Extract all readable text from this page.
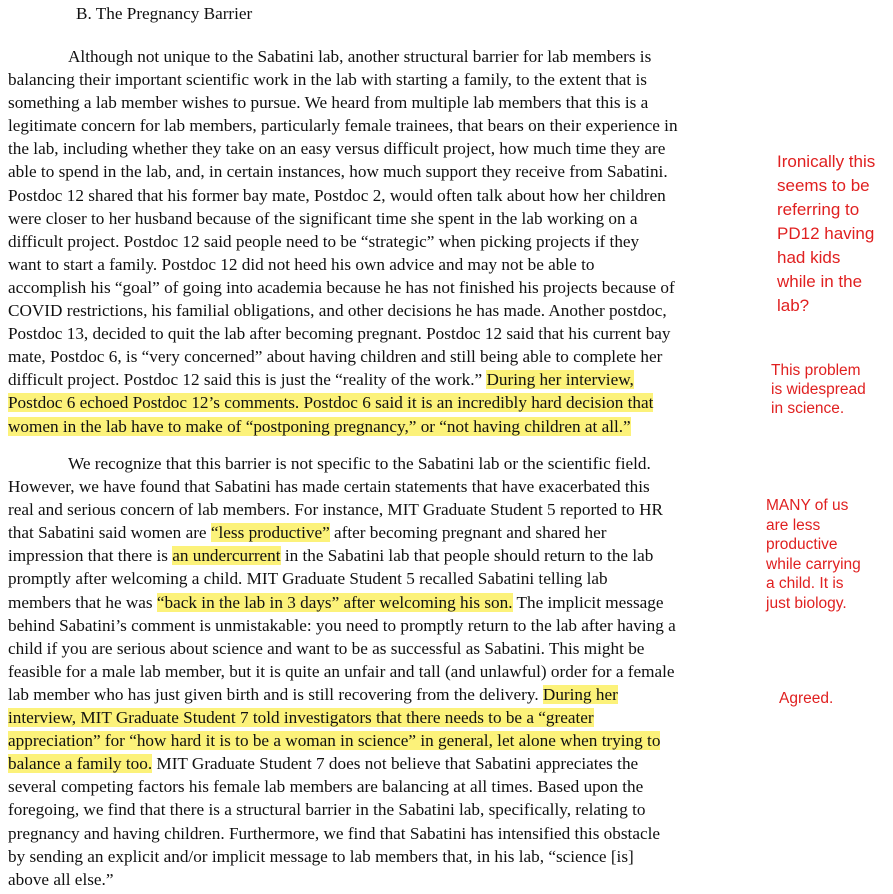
B. The Pregnancy Barrier
Although not unique to the Sabatini lab, another structural barrier for lab members is
balancing their important scientific work in the lab with starting a family, to the extent that is
something a lab member wishes to pursue. We heard from multiple lab members that this is a
legitimate concern for lab members, particularly female trainees, that bears on their experience in
the lab, including whether they take on an easy versus difficult project, how much time they are
able to spend in the lab, and, in certain instances, how much support they receive from Sabatini.
Postdoc 12 shared that his former bay mate, Postdoc 2, would often talk about how her children
were closer to her husband because of the significant time she spent in the lab working on a
difficult project. Postdoc 12 said people need to be “strategic” when picking projects if they
want to start a family. Postdoc 12 did not heed his own advice and may not be able to
accomplish his “goal” of going into academia because he has not finished his projects because of
COVID restrictions, his familial obligations, and other decisions he has made. Another postdoc,
Postdoc 13, decided to quit the lab after becoming pregnant. Postdoc 12 said that his current bay
mate, Postdoc 6, is “very concerned” about having children and still being able to complete her
difficult project. Postdoc 12 said this is just the “reality of the work.” During her interview,
Postdoc 6 echoed Postdoc 12’s comments. Postdoc 6 said it is an incredibly hard decision that
women in the lab have to make of “postponing pregnancy,” or “not having children at all.”
We recognize that this barrier is not specific to the Sabatini lab or the scientific field.
However, we have found that Sabatini has made certain statements that have exacerbated this
real and serious concern of lab members. For instance, MIT Graduate Student 5 reported to HR
that Sabatini said women are “less productive” after becoming pregnant and shared her
impression that there is an undercurrent in the Sabatini lab that people should return to the lab
promptly after welcoming a child. MIT Graduate Student 5 recalled Sabatini telling lab
members that he was “back in the lab in 3 days” after welcoming his son. The implicit message
behind Sabatini’s comment is unmistakable: you need to promptly return to the lab after having a
child if you are serious about science and want to be as successful as Sabatini. This might be
feasible for a male lab member, but it is quite an unfair and tall (and unlawful) order for a female
lab member who has just given birth and is still recovering from the delivery. During her
interview, MIT Graduate Student 7 told investigators that there needs to be a “greater
appreciation” for “how hard it is to be a woman in science” in general, let alone when trying to
balance a family too. MIT Graduate Student 7 does not believe that Sabatini appreciates the
several competing factors his female lab members are balancing at all times. Based upon the
foregoing, we find that there is a structural barrier in the Sabatini lab, specifically, relating to
pregnancy and having children. Furthermore, we find that Sabatini has intensified this obstacle
by sending an explicit and/or implicit message to lab members that, in his lab, “science [is]
above all else.”
Ironically this
seems to be
referring to
PD12 having
had kids
while in the
lab?
This problem
is widespread
in science.
MANY of us
are less
productive
while carrying
a child. It is
just biology.
Agreed.
